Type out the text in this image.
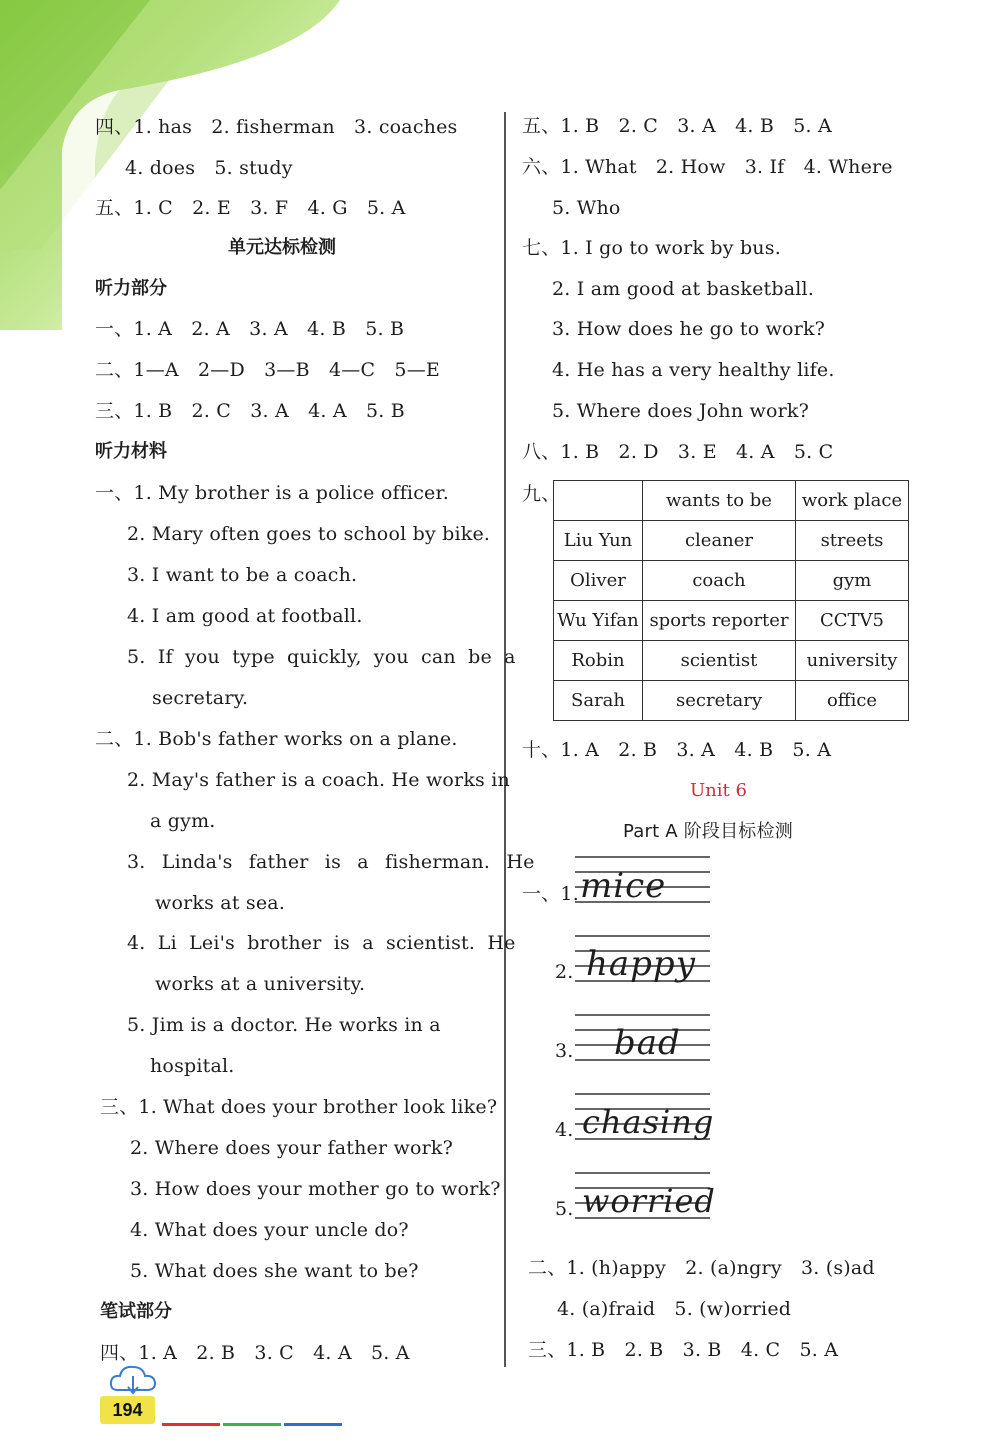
四、1. has　2. fisherman　3. coaches
4. does　5. study
五、1. C　2. E　3. F　4. G　5. A
单元达标检测
听力部分
一、1. A　2. A　3. A　4. B　5. B
二、1—A　2—D　3—B　4—C　5—E
三、1. B　2. C　3. A　4. A　5. B
听力材料
一、1. My brother is a police officer.
2. Mary often goes to school by bike.
3. I want to be a coach.
4. I am good at football.
5. If you type quickly, you can be a
secretary.
二、1. Bob's father works on a plane.
2. May's father is a coach. He works in
a gym.
3. Linda's father is a fisherman. He
works at sea.
4. Li Lei's brother is a scientist. He
works at a university.
5. Jim is a doctor. He works in a
hospital.
三、1. What does your brother look like?
2. Where does your father work?
3. How does your mother go to work?
4. What does your uncle do?
5. What does she want to be?
笔试部分
四、1. A　2. B　3. C　4. A　5. A
五、1. B　2. C　3. A　4. B　5. A
六、1. What　2. How　3. If　4. Where
5. Who
七、1. I go to work by bus.
2. I am good at basketball.
3. How does he go to work?
4. He has a very healthy life.
5. Where does John work?
八、1. B　2. D　3. E　4. A　5. C
九、
		wants to be	work place
Liu Yun	cleaner	streets
Oliver	coach	gym
Wu Yifan	sports reporter	CCTV5
Robin	scientist	university
Sarah	secretary	office
十、1. A　2. B　3. A　4. B　5. A
Unit 6
Part A 阶段目标检测
一、1.
2.
3.
4.
5.
mice
happy
bad
chasing
worried
二、1. (h)appy　2. (a)ngry　3. (s)ad
4. (a)fraid　5. (w)orried
三、1. B　2. B　3. B　4. C　5. A
194
